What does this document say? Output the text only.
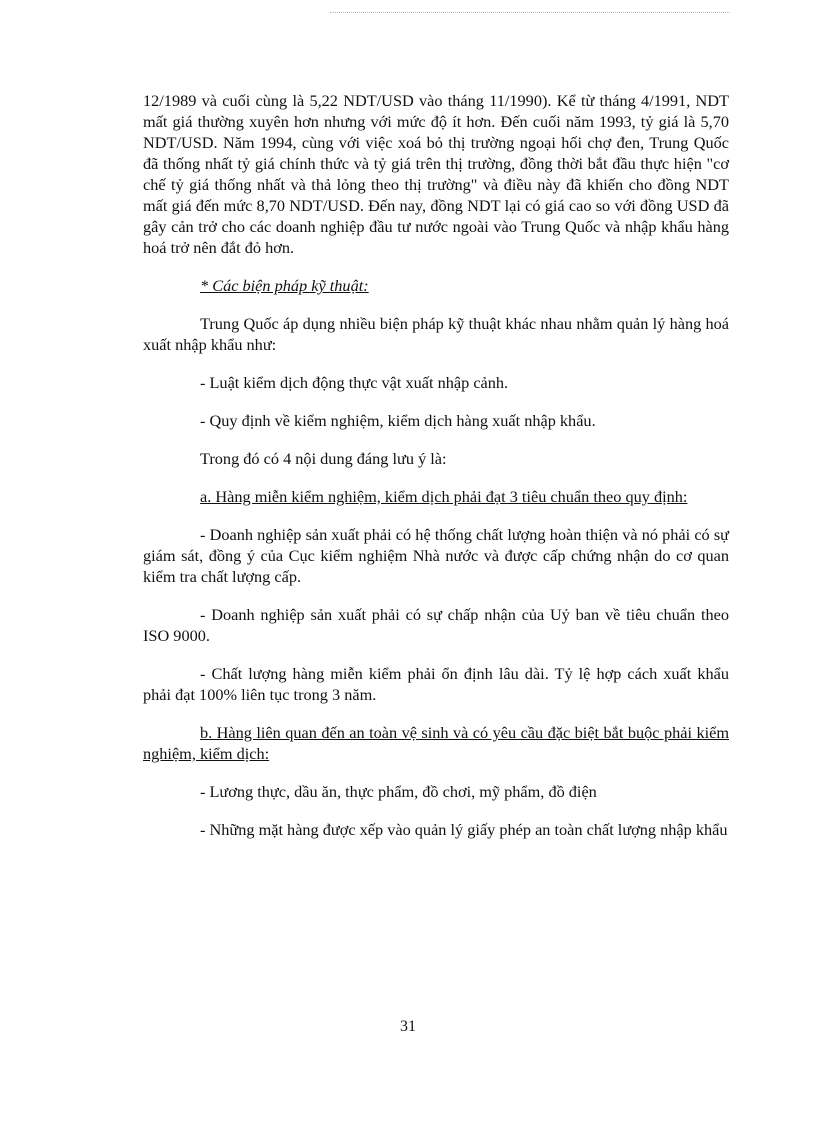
12/1989 và cuối cùng là 5,22 NDT/USD vào tháng 11/1990). Kể từ tháng 4/1991, NDT mất giá thường xuyên hơn nhưng với mức độ ít hơn. Đến cuối năm 1993, tỷ giá là 5,70 NDT/USD. Năm 1994, cùng với việc xoá bỏ thị trường ngoại hối chợ đen, Trung Quốc đã thống nhất tỷ giá chính thức và tỷ giá trên thị trường, đồng thời bắt đầu thực hiện "cơ chế tỷ giá thống nhất và thả lỏng theo thị trường" và điều này đã khiến cho đồng NDT mất giá đến mức 8,70 NDT/USD. Đến nay, đồng NDT lại có giá cao so với đồng USD đã gây cản trở cho các doanh nghiệp đầu tư nước ngoài vào Trung Quốc và nhập khẩu hàng hoá trở nên đắt đỏ hơn.

* Các biện pháp kỹ thuật:

Trung Quốc áp dụng nhiều biện pháp kỹ thuật khác nhau nhằm quản lý hàng hoá xuất nhập khẩu như:

- Luật kiểm dịch động thực vật xuất nhập cảnh.

- Quy định về kiểm nghiệm, kiểm dịch hàng xuất nhập khẩu.

Trong đó có 4 nội dung đáng lưu ý là:

a. Hàng miễn kiểm nghiệm, kiểm dịch phải đạt 3 tiêu chuẩn theo quy định:

- Doanh nghiệp sản xuất phải có hệ thống chất lượng hoàn thiện và nó phải có sự giám sát, đồng ý của Cục kiểm nghiệm Nhà nước và được cấp chứng nhận do cơ quan kiểm tra chất lượng cấp.

- Doanh nghiệp sản xuất phải có sự chấp nhận của Uỷ ban về tiêu chuẩn theo ISO 9000.

- Chất lượng hàng miễn kiểm phải ổn định lâu dài. Tỷ lệ hợp cách xuất khẩu phải đạt 100% liên tục trong 3 năm.

b. Hàng liên quan đến an toàn vệ sinh và có yêu cầu đặc biệt bắt buộc phải kiểm nghiệm, kiểm dịch:

- Lương thực, dầu ăn, thực phẩm, đồ chơi, mỹ phẩm, đồ điện

- Những mặt hàng được xếp vào quản lý giấy phép an toàn chất lượng nhập khẩu

31
